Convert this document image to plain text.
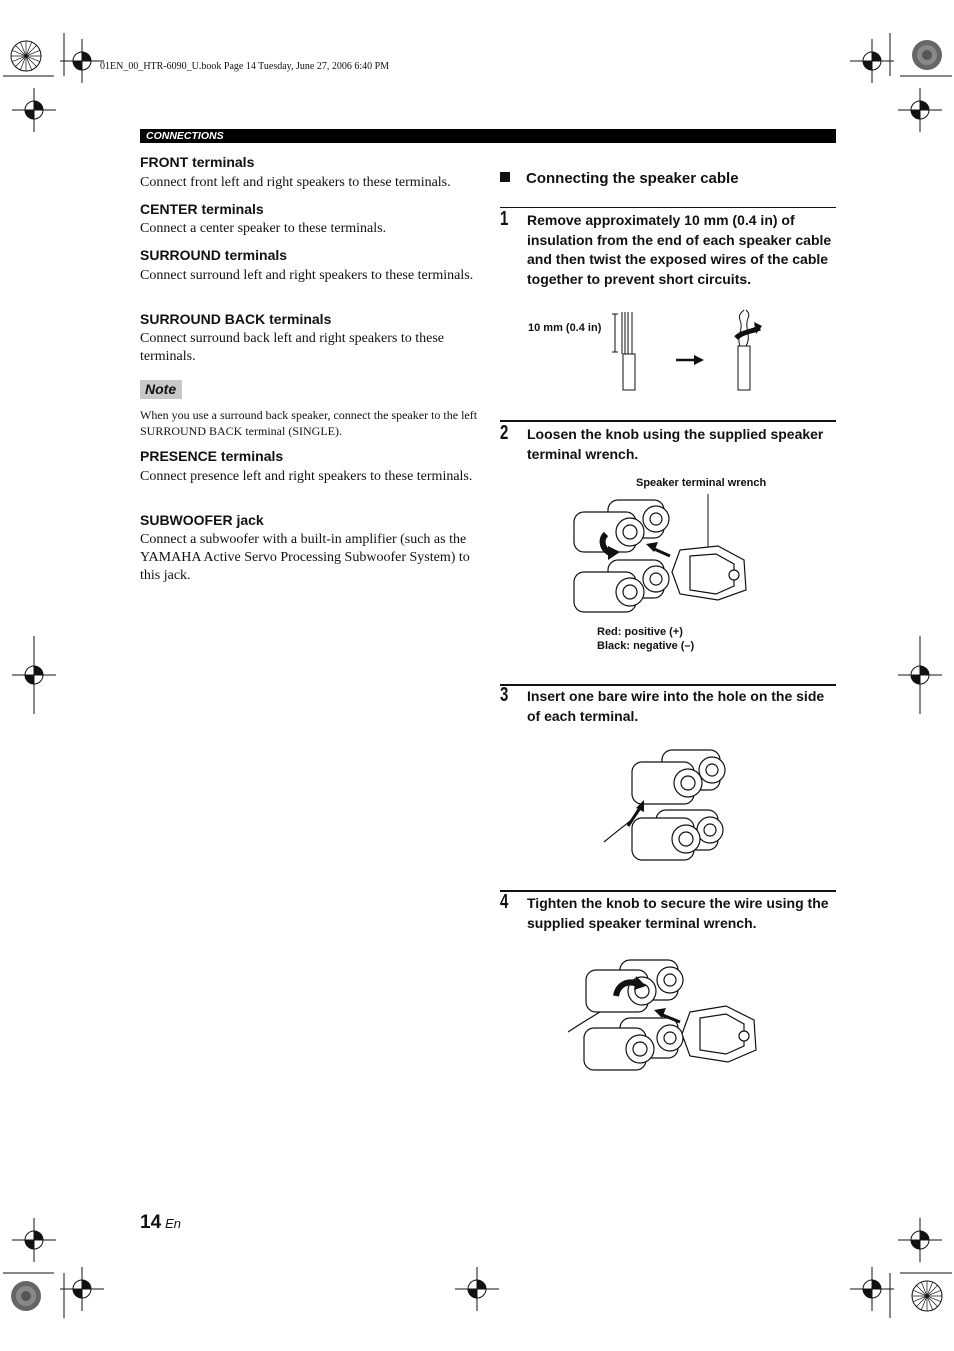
01EN_00_HTR-6090_U.book Page 14 Tuesday, June 27, 2006 6:40 PM
CONNECTIONS
FRONT terminals
Connect front left and right speakers to these terminals.
CENTER terminals
Connect a center speaker to these terminals.
SURROUND terminals
Connect surround left and right speakers to these terminals.
SURROUND BACK terminals
Connect surround back left and right speakers to these terminals.
Note
When you use a surround back speaker, connect the speaker to the left SURROUND BACK terminal (SINGLE).
PRESENCE terminals
Connect presence left and right speakers to these terminals.
SUBWOOFER jack
Connect a subwoofer with a built-in amplifier (such as the YAMAHA Active Servo Processing Subwoofer System) to this jack.
Connecting the speaker cable
1 Remove approximately 10 mm (0.4 in) of insulation from the end of each speaker cable and then twist the exposed wires of the cable together to prevent short circuits.
10 mm (0.4 in)
2 Loosen the knob using the supplied speaker terminal wrench.
Speaker terminal wrench
Red: positive (+)
Black: negative (–)
3 Insert one bare wire into the hole on the side of each terminal.
4 Tighten the knob to secure the wire using the supplied speaker terminal wrench.
14 En
